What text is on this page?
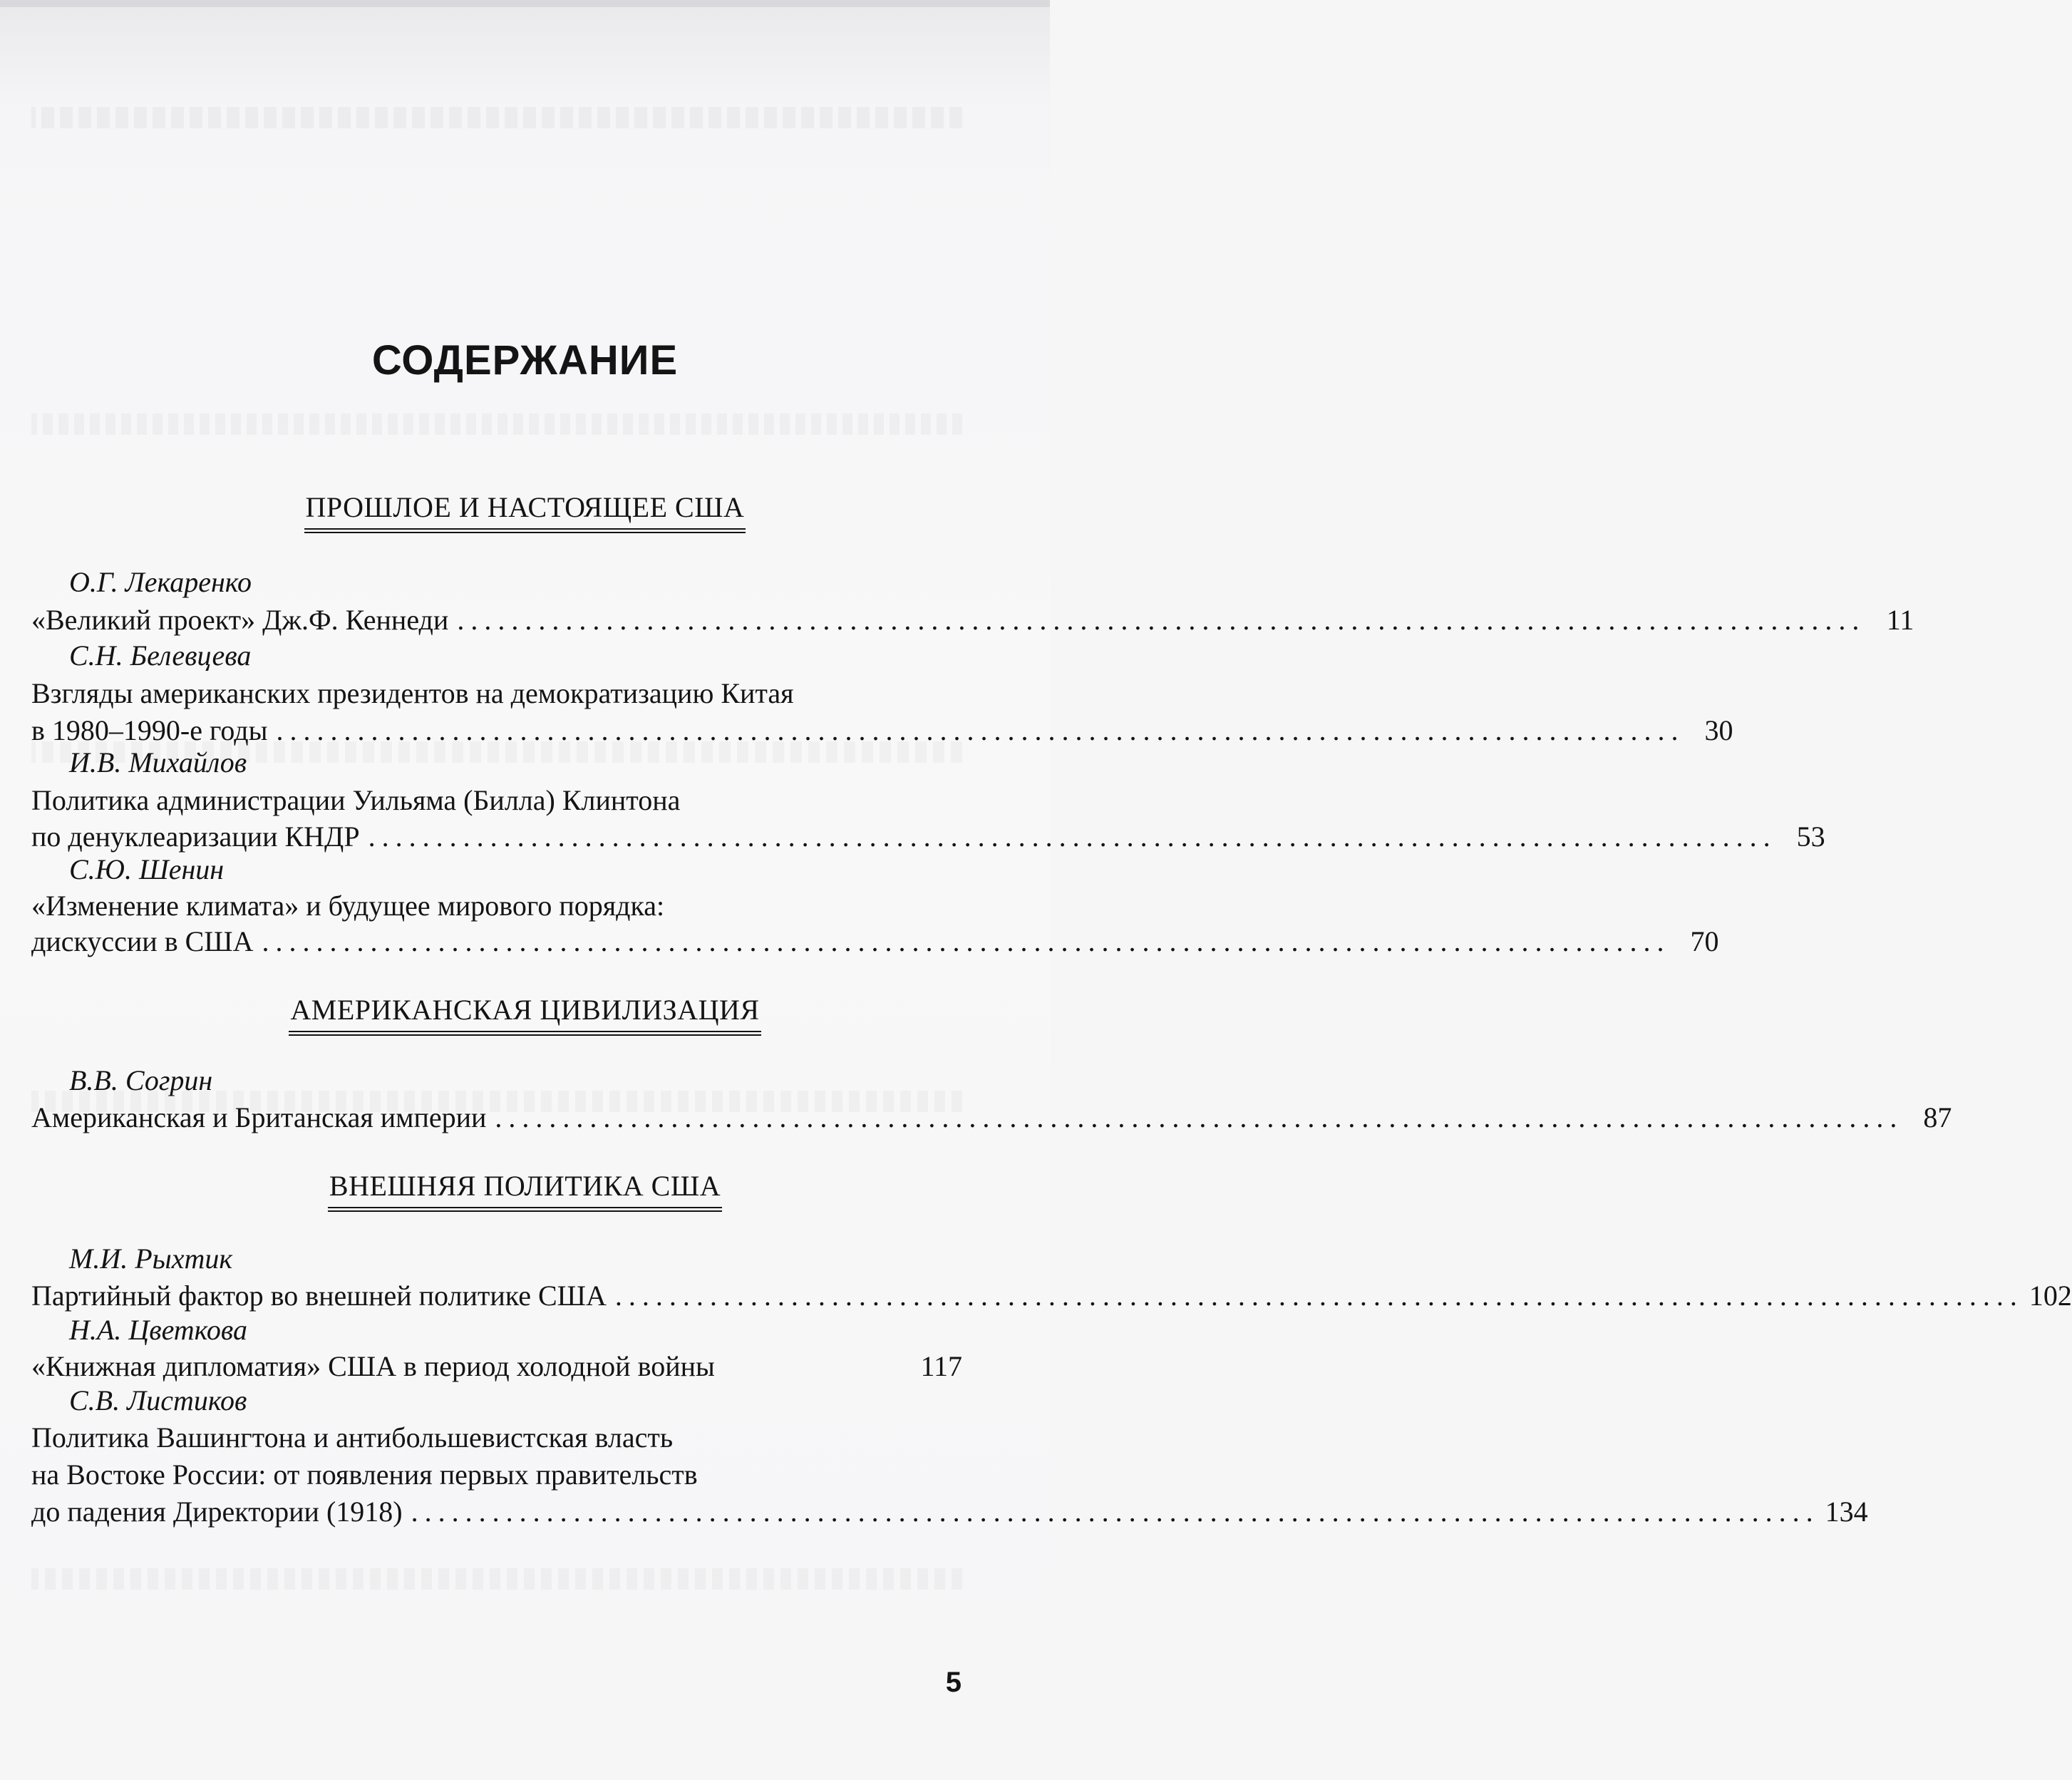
СОДЕРЖАНИЕ
ПРОШЛОЕ И НАСТОЯЩЕЕ США
О.Г. Лекаренко
«Великий проект» Дж.Ф. Кеннеди ........................................................................................................ 11
С.Н. Белевцева
Взгляды американских президентов на демократизацию Китая
в 1980–1990-е годы ........................................................................................................ 30
И.В. Михайлов
Политика администрации Уильяма (Билла) Клинтона
по денуклеаризации КНДР ........................................................................................................ 53
С.Ю. Шенин
«Изменение климата» и будущее мирового порядка:
дискуссии в США ........................................................................................................ 70
АМЕРИКАНСКАЯ ЦИВИЛИЗАЦИЯ
В.В. Согрин
Американская и Британская империи ........................................................................................................ 87
ВНЕШНЯЯ ПОЛИТИКА США
М.И. Рыхтик
Партийный фактор во внешней политике США ........................................................................................................ 102
Н.А. Цветкова
«Книжная дипломатия» США в период холодной войны	117
С.В. Листиков
Политика Вашингтона и антибольшевистская власть
на Востоке России: от появления первых правительств
до падения Директории (1918) ........................................................................................................ 134
5
